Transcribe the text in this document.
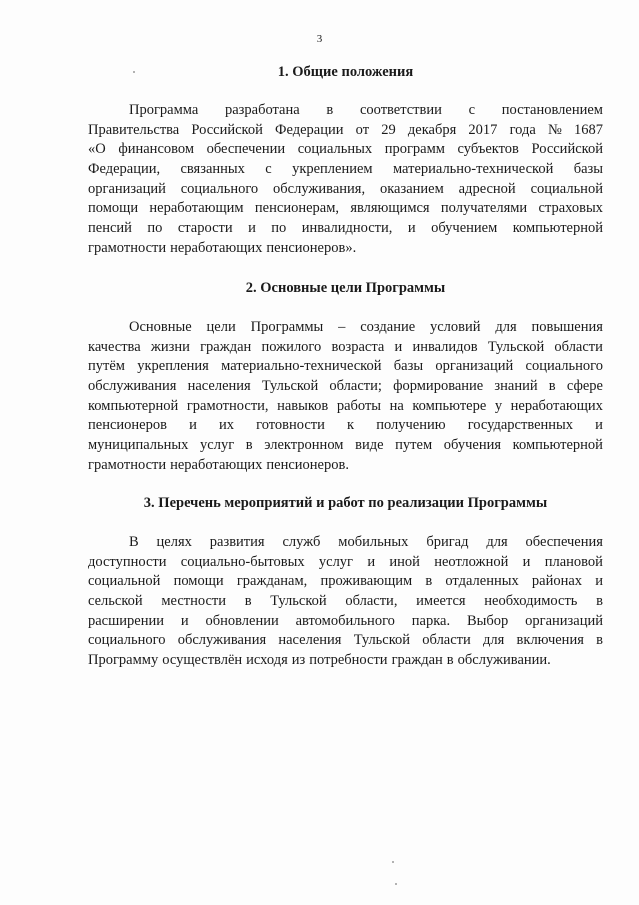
3
1. Общие положения
Программа разработана в соответствии с постановлением
Правительства Российской Федерации от 29 декабря 2017 года № 1687
«О финансовом обеспечении социальных программ субъектов Российской
Федерации, связанных с укреплением материально-технической базы
организаций социального обслуживания, оказанием адресной социальной
помощи неработающим пенсионерам, являющимся получателями страховых
пенсий по старости и по инвалидности, и обучением компьютерной
грамотности неработающих пенсионеров».
2. Основные цели Программы
Основные цели Программы – создание условий для повышения
качества жизни граждан пожилого возраста и инвалидов Тульской области
путём укрепления материально-технической базы организаций социального
обслуживания населения Тульской области; формирование знаний в сфере
компьютерной грамотности, навыков работы на компьютере у неработающих
пенсионеров и их готовности к получению государственных и
муниципальных услуг в электронном виде путем обучения компьютерной
грамотности неработающих пенсионеров.
3. Перечень мероприятий и работ по реализации Программы
В целях развития служб мобильных бригад для обеспечения
доступности социально-бытовых услуг и иной неотложной и плановой
социальной помощи гражданам, проживающим в отдаленных районах и
сельской местности в Тульской области, имеется необходимость в
расширении и обновлении автомобильного парка. Выбор организаций
социального обслуживания населения Тульской области для включения в
Программу осуществлён исходя из потребности граждан в обслуживании.
